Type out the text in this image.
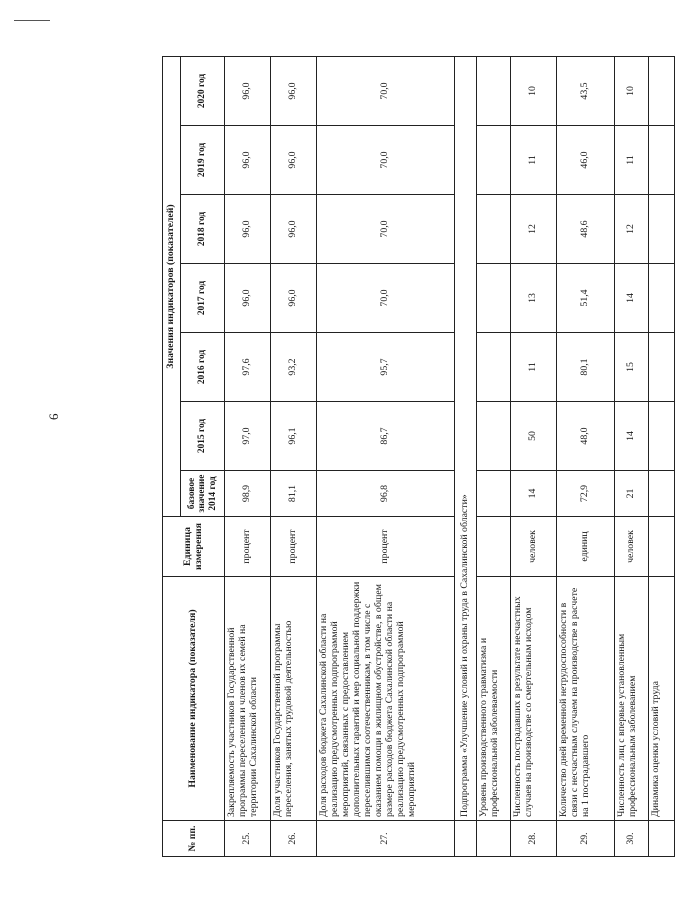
6
№ пп.	Наименование индикатора (показателя)	Единица измерения	Значения индикаторов (показателей)						
			базовое значение 2014 год	2015 год	2016 год	2017 год	2018 год	2019 год	2020 год
25.	Закрепляемость участников Государственной программы переселения и членов их семей на территории Сахалинской области	процент	98,9	97,0	97,6	96,0	96,0	96,0	96,0
26.	Доля участников Государственной программы переселения, занятых трудовой деятельностью	процент	81,1	96,1	93,2	96,0	96,0	96,0	96,0
27.	Доля расходов бюджета Сахалинской области на реализацию предусмотренных подпрограммой мероприятий, связанных с предоставлением дополнительных гарантий и мер социальной поддержки переселившимся соотечественникам, в том числе с оказанием помощи в жилищном обустройстве, в общем размере расходов бюджета Сахалинской области на реализацию предусмотренных подпрограммой мероприятий	процент	96,8	86,7	95,7	70,0	70,0	70,0	70,0
	Подпрограмма «Улучшение условий и охраны труда в Сахалинской области»								
	Уровень производственного травматизма и профессиональной заболеваемости								
28.	Численность пострадавших в результате несчастных случаев на производстве со смертельным исходом	человек	14	50	11	13	12	11	10
29.	Количество дней временной нетрудоспособности в связи с несчастным случаем на производстве в расчете на 1 пострадавшего	единиц	72,9	48,0	80,1	51,4	48,6	46,0	43,5
30.	Численность лиц с впервые установленным профессиональным заболеванием	человек	21	14	15	14	12	11	10
	Динамика оценки условий труда								
